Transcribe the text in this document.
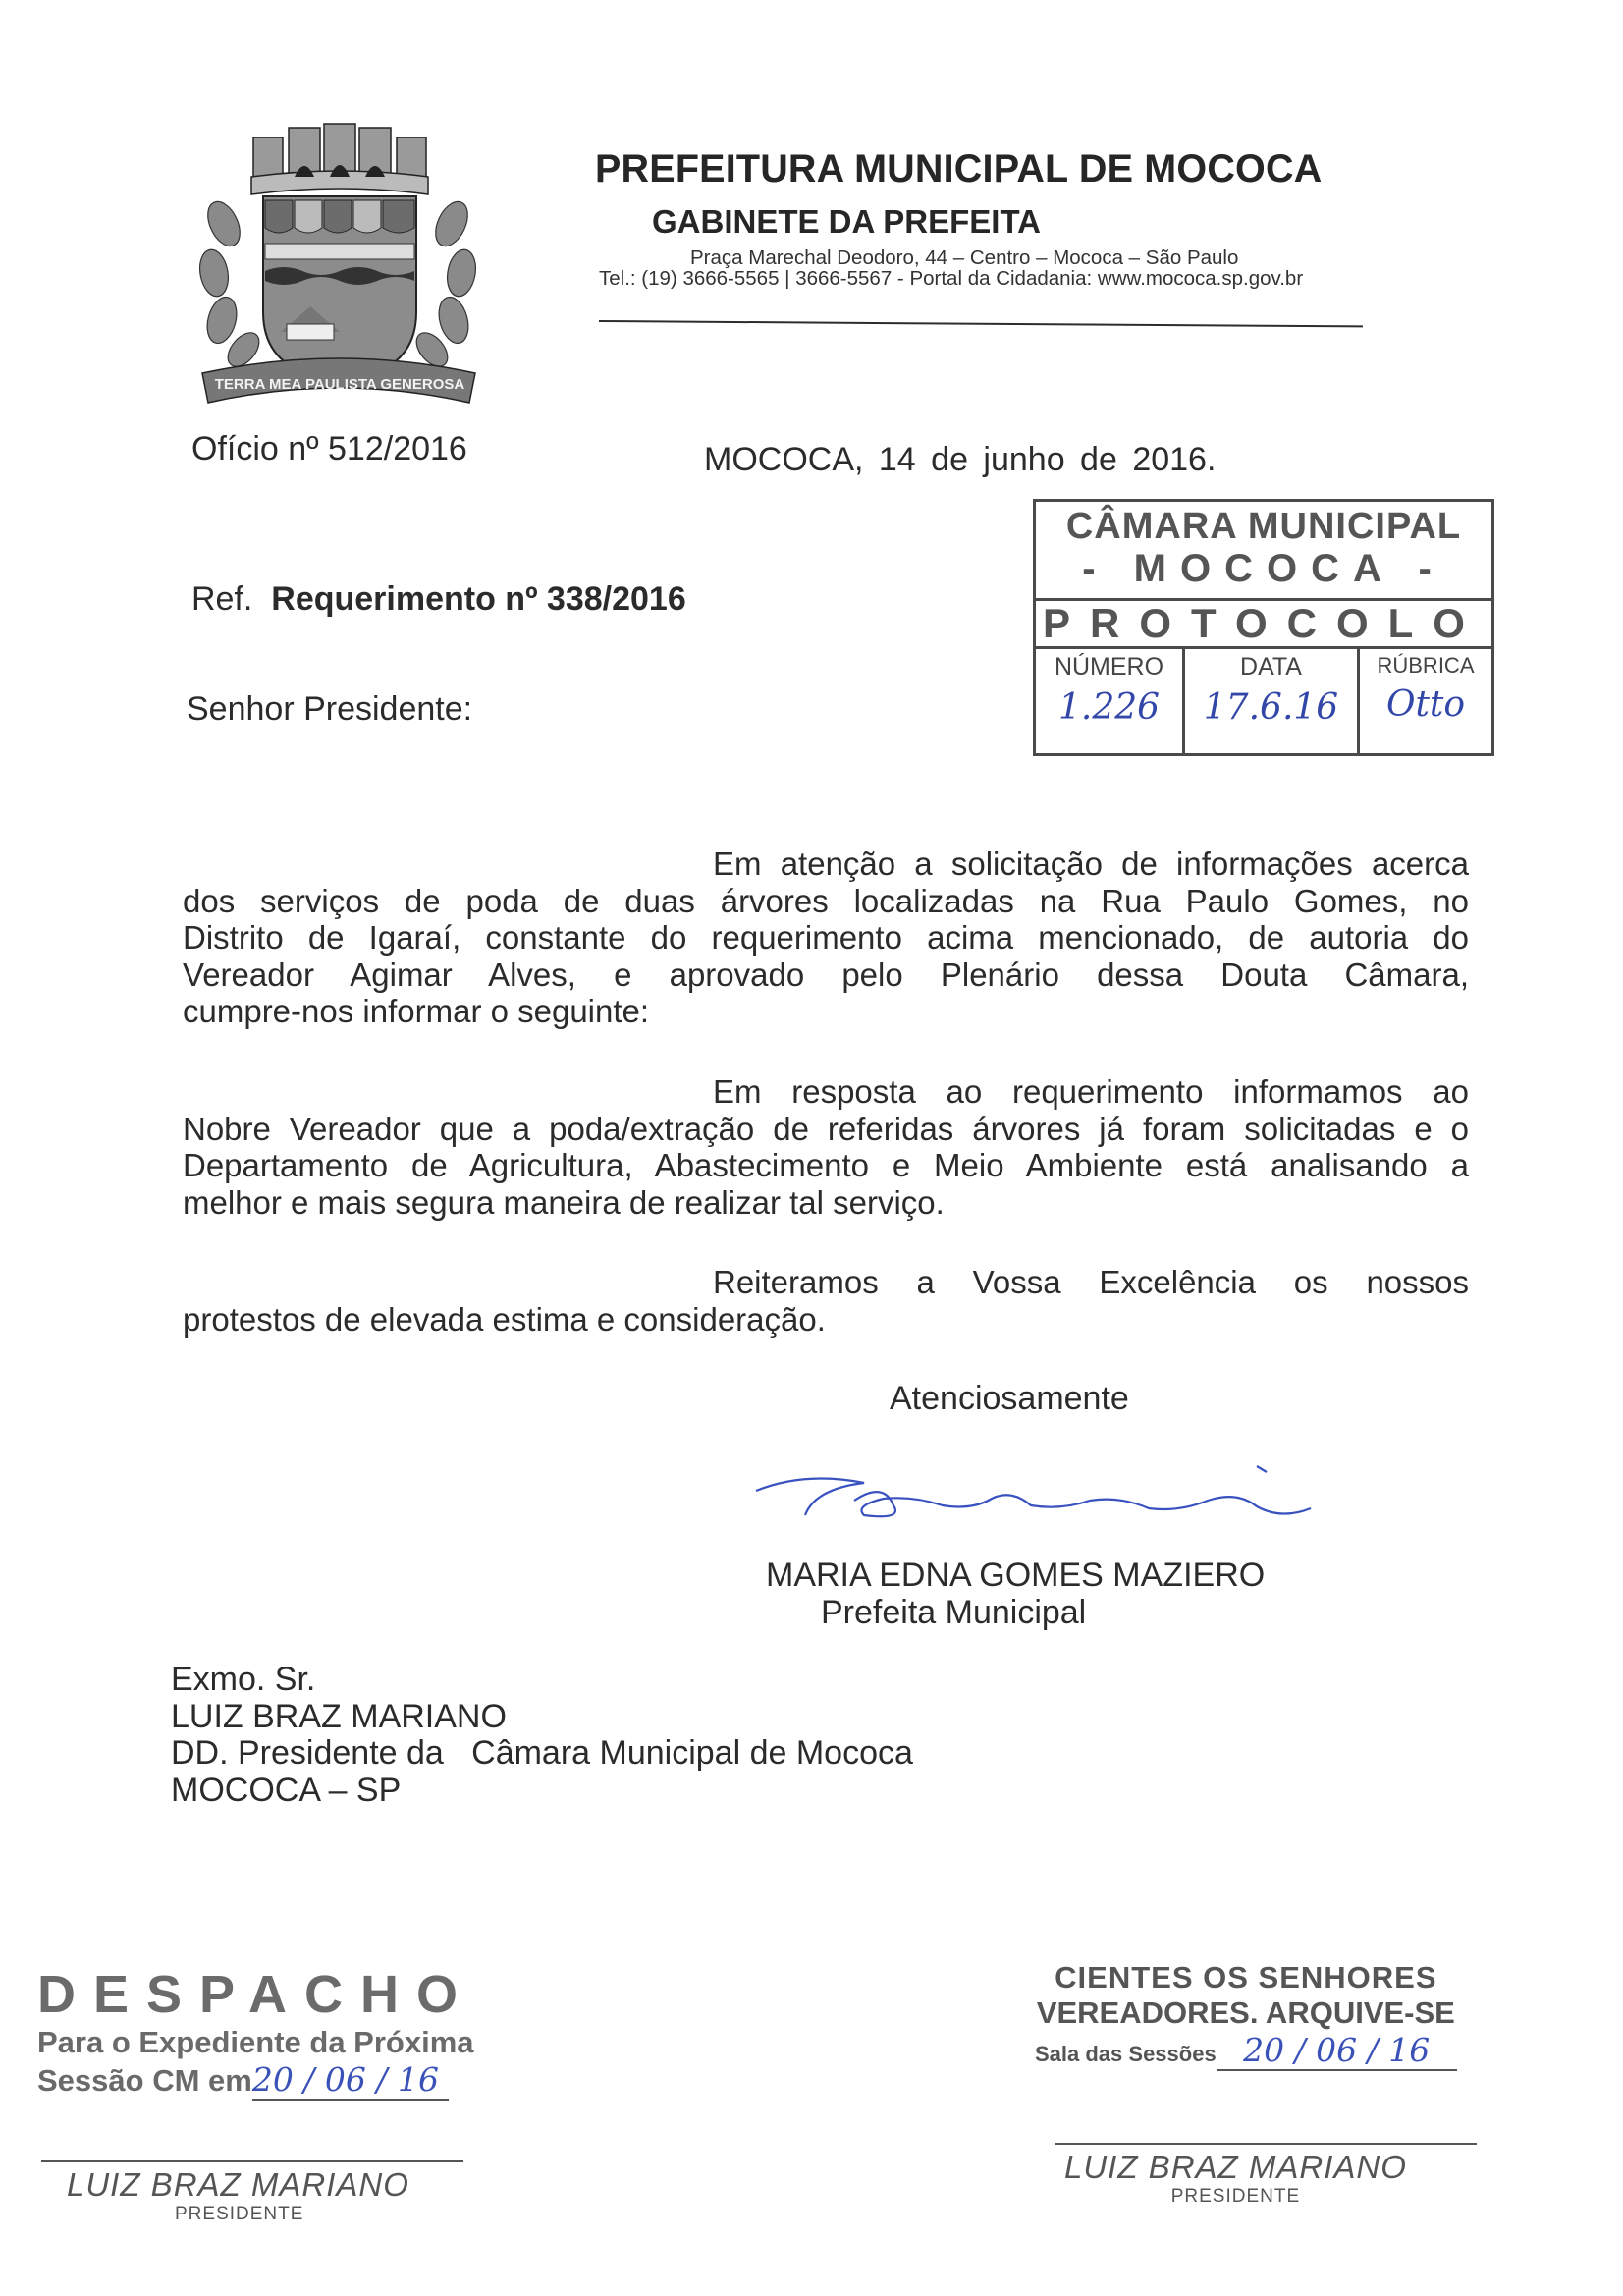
TERRA MEA PAULISTA GENEROSA
PREFEITURA MUNICIPAL DE MOCOCA
GABINETE DA PREFEITA
Praça Marechal Deodoro, 44 – Centro – Mococa – São Paulo
Tel.: (19) 3666-5565 | 3666-5567 - Portal da Cidadania: www.mococa.sp.gov.br
Ofício nº 512/2016	MOCOCA, 14 de junho de 2016.
Ref. Requerimento nº 338/2016
Senhor Presidente:
CÂMARA MUNICIPAL
- MOCOCA -
PROTOCOLO
NÚMERO
1.226
DATA
17.6.16
RÚBRICA
Otto
Em atenção a solicitação de informações acerca
dos serviços de poda de duas árvores localizadas na Rua Paulo Gomes, no
Distrito de Igaraí, constante do requerimento acima mencionado, de autoria do
Vereador Agimar Alves, e aprovado pelo Plenário dessa Douta Câmara,
cumpre-nos informar o seguinte:
Em resposta ao requerimento informamos ao
Nobre Vereador que a poda/extração de referidas árvores já foram solicitadas e o
Departamento de Agricultura, Abastecimento e Meio Ambiente está analisando a
melhor e mais segura maneira de realizar tal serviço.
Reiteramos a Vossa Excelência os nossos
protestos de elevada estima e consideração.
Atenciosamente
MARIA EDNA GOMES MAZIERO
Prefeita Municipal
Exmo. Sr.
LUIZ BRAZ MARIANO
DD. Presidente da   Câmara Municipal de Mococa
MOCOCA – SP
DESPACHO
Para o Expediente da Próxima
Sessão CM em20 / 06 / 16
LUIZ BRAZ MARIANO
PRESIDENTE
CIENTES OS SENHORES
VEREADORES. ARQUIVE-SE
Sala das Sessões 20 / 06 / 16
LUIZ BRAZ MARIANO
PRESIDENTE
